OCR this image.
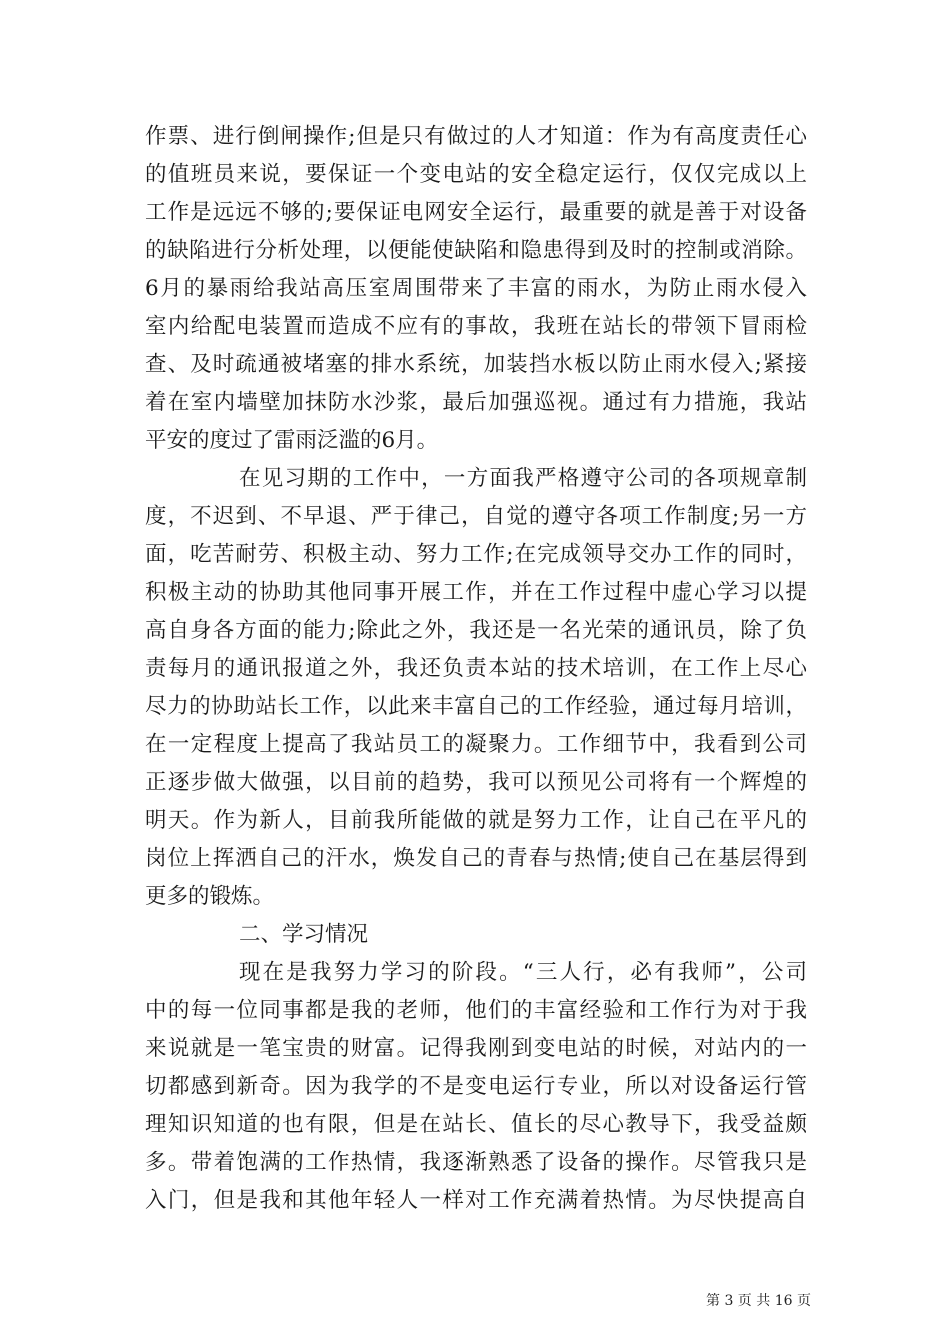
作票、进行倒闸操作;但是只有做过的人才知道：作为有高度责任心
的值班员来说，要保证一个变电站的安全稳定运行，仅仅完成以上
工作是远远不够的;要保证电网安全运行，最重要的就是善于对设备
的缺陷进行分析处理，以便能使缺陷和隐患得到及时的控制或消除。
6月的暴雨给我站高压室周围带来了丰富的雨水，为防止雨水侵入
室内给配电装置而造成不应有的事故，我班在站长的带领下冒雨检
查、及时疏通被堵塞的排水系统，加装挡水板以防止雨水侵入;紧接
着在室内墙壁加抹防水沙浆，最后加强巡视。通过有力措施，我站
平安的度过了雷雨泛滥的6月。
在见习期的工作中，一方面我严格遵守公司的各项规章制
度，不迟到、不早退、严于律己，自觉的遵守各项工作制度;另一方
面，吃苦耐劳、积极主动、努力工作;在完成领导交办工作的同时，
积极主动的协助其他同事开展工作，并在工作过程中虚心学习以提
高自身各方面的能力;除此之外，我还是一名光荣的通讯员，除了负
责每月的通讯报道之外，我还负责本站的技术培训，在工作上尽心
尽力的协助站长工作，以此来丰富自己的工作经验，通过每月培训，
在一定程度上提高了我站员工的凝聚力。工作细节中，我看到公司
正逐步做大做强，以目前的趋势，我可以预见公司将有一个辉煌的
明天。作为新人，目前我所能做的就是努力工作，让自己在平凡的
岗位上挥洒自己的汗水，焕发自己的青春与热情;使自己在基层得到
更多的锻炼。
二、学习情况
现在是我努力学习的阶段。“三人行，必有我师”，公司
中的每一位同事都是我的老师，他们的丰富经验和工作行为对于我
来说就是一笔宝贵的财富。记得我刚到变电站的时候，对站内的一
切都感到新奇。因为我学的不是变电运行专业，所以对设备运行管
理知识知道的也有限，但是在站长、值长的尽心教导下，我受益颇
多。带着饱满的工作热情，我逐渐熟悉了设备的操作。尽管我只是
入门，但是我和其他年轻人一样对工作充满着热情。为尽快提高自
第 3 页 共 16 页
